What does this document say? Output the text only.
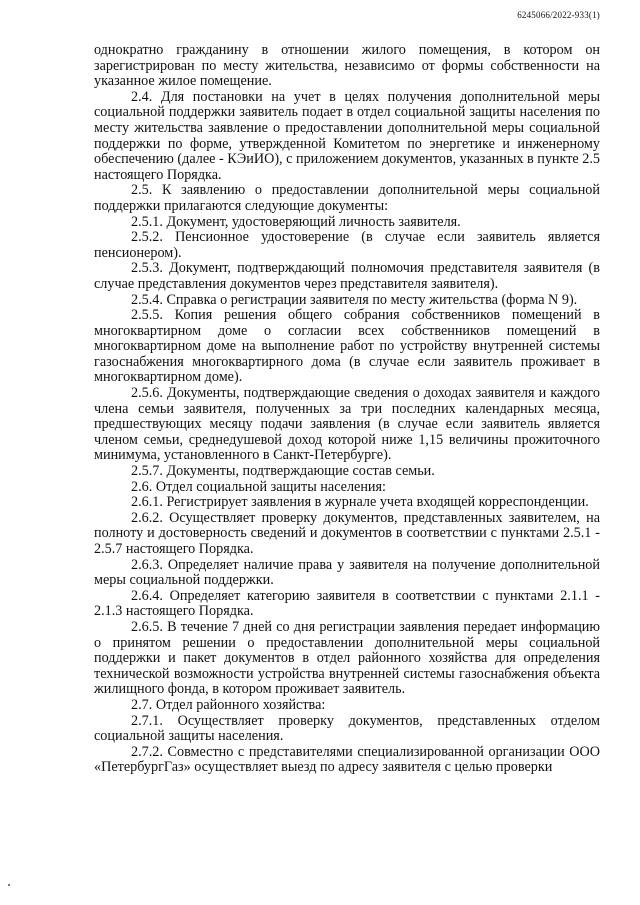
6245066/2022-933(1)

однократно гражданину в отношении жилого помещения, в котором он зарегистрирован по месту жительства, независимо от формы собственности на указанное жилое помещение.

2.4. Для постановки на учет в целях получения дополнительной меры социальной поддержки заявитель подает в отдел социальной защиты населения по месту жительства заявление о предоставлении дополнительной меры социальной поддержки по форме, утвержденной Комитетом по энергетике и инженерному обеспечению (далее - КЭиИО), с приложением документов, указанных в пункте 2.5 настоящего Порядка.

2.5. К заявлению о предоставлении дополнительной меры социальной поддержки прилагаются следующие документы:

2.5.1. Документ, удостоверяющий личность заявителя.

2.5.2. Пенсионное удостоверение (в случае если заявитель является пенсионером).

2.5.3. Документ, подтверждающий полномочия представителя заявителя (в случае представления документов через представителя заявителя).

2.5.4. Справка о регистрации заявителя по месту жительства (форма N 9).

2.5.5. Копия решения общего собрания собственников помещений в многоквартирном доме о согласии всех собственников помещений в многоквартирном доме на выполнение работ по устройству внутренней системы газоснабжения многоквартирного дома (в случае если заявитель проживает в многоквартирном доме).

2.5.6. Документы, подтверждающие сведения о доходах заявителя и каждого члена семьи заявителя, полученных за три последних календарных месяца, предшествующих месяцу подачи заявления (в случае если заявитель является членом семьи, среднедушевой доход которой ниже 1,15 величины прожиточного минимума, установленного в Санкт-Петербурге).

2.5.7. Документы, подтверждающие состав семьи.

2.6. Отдел социальной защиты населения:

2.6.1. Регистрирует заявления в журнале учета входящей корреспонденции.

2.6.2. Осуществляет проверку документов, представленных заявителем, на полноту и достоверность сведений и документов в соответствии с пунктами 2.5.1 - 2.5.7 настоящего Порядка.

2.6.3. Определяет наличие права у заявителя на получение дополнительной меры социальной поддержки.

2.6.4. Определяет категорию заявителя в соответствии с пунктами 2.1.1 - 2.1.3 настоящего Порядка.

2.6.5. В течение 7 дней со дня регистрации заявления передает информацию о принятом решении о предоставлении дополнительной меры социальной поддержки и пакет документов в отдел районного хозяйства для определения технической возможности устройства внутренней системы газоснабжения объекта жилищного фонда, в котором проживает заявитель.

2.7. Отдел районного хозяйства:

2.7.1. Осуществляет проверку документов, представленных отделом социальной защиты населения.

2.7.2. Совместно с представителями специализированной организации ООО «ПетербургГаз» осуществляет выезд по адресу заявителя с целью проверки
